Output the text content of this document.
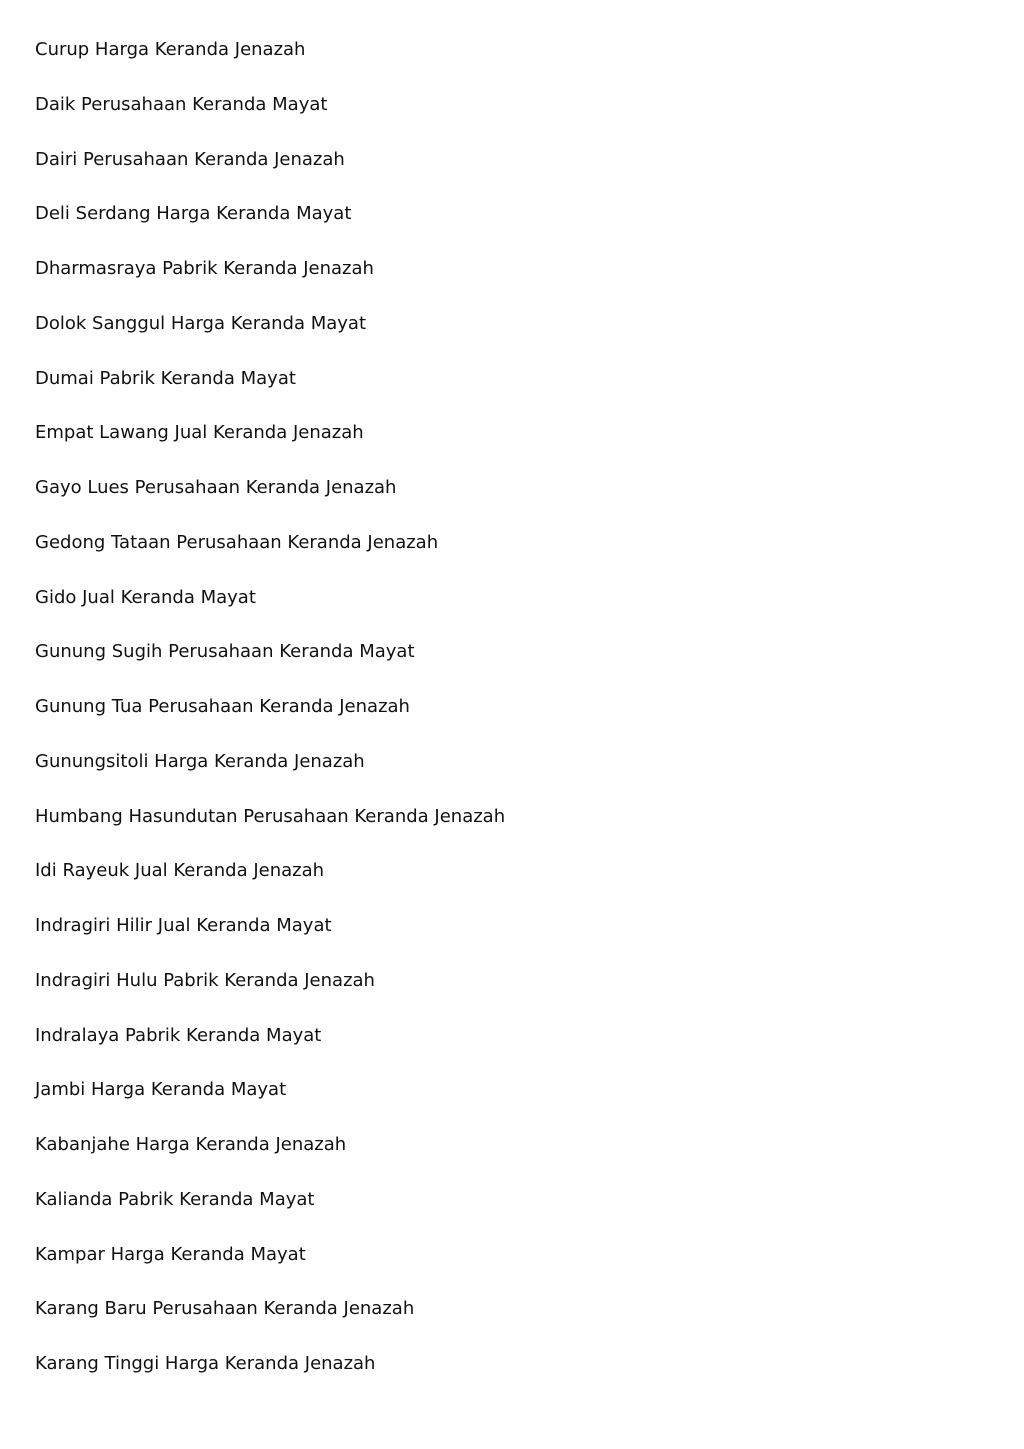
Curup Harga Keranda Jenazah
Daik Perusahaan Keranda Mayat
Dairi Perusahaan Keranda Jenazah
Deli Serdang Harga Keranda Mayat
Dharmasraya Pabrik Keranda Jenazah
Dolok Sanggul Harga Keranda Mayat
Dumai Pabrik Keranda Mayat
Empat Lawang Jual Keranda Jenazah
Gayo Lues Perusahaan Keranda Jenazah
Gedong Tataan Perusahaan Keranda Jenazah
Gido Jual Keranda Mayat
Gunung Sugih Perusahaan Keranda Mayat
Gunung Tua Perusahaan Keranda Jenazah
Gunungsitoli Harga Keranda Jenazah
Humbang Hasundutan Perusahaan Keranda Jenazah
Idi Rayeuk Jual Keranda Jenazah
Indragiri Hilir Jual Keranda Mayat
Indragiri Hulu Pabrik Keranda Jenazah
Indralaya Pabrik Keranda Mayat
Jambi Harga Keranda Mayat
Kabanjahe Harga Keranda Jenazah
Kalianda Pabrik Keranda Mayat
Kampar Harga Keranda Mayat
Karang Baru Perusahaan Keranda Jenazah
Karang Tinggi Harga Keranda Jenazah
